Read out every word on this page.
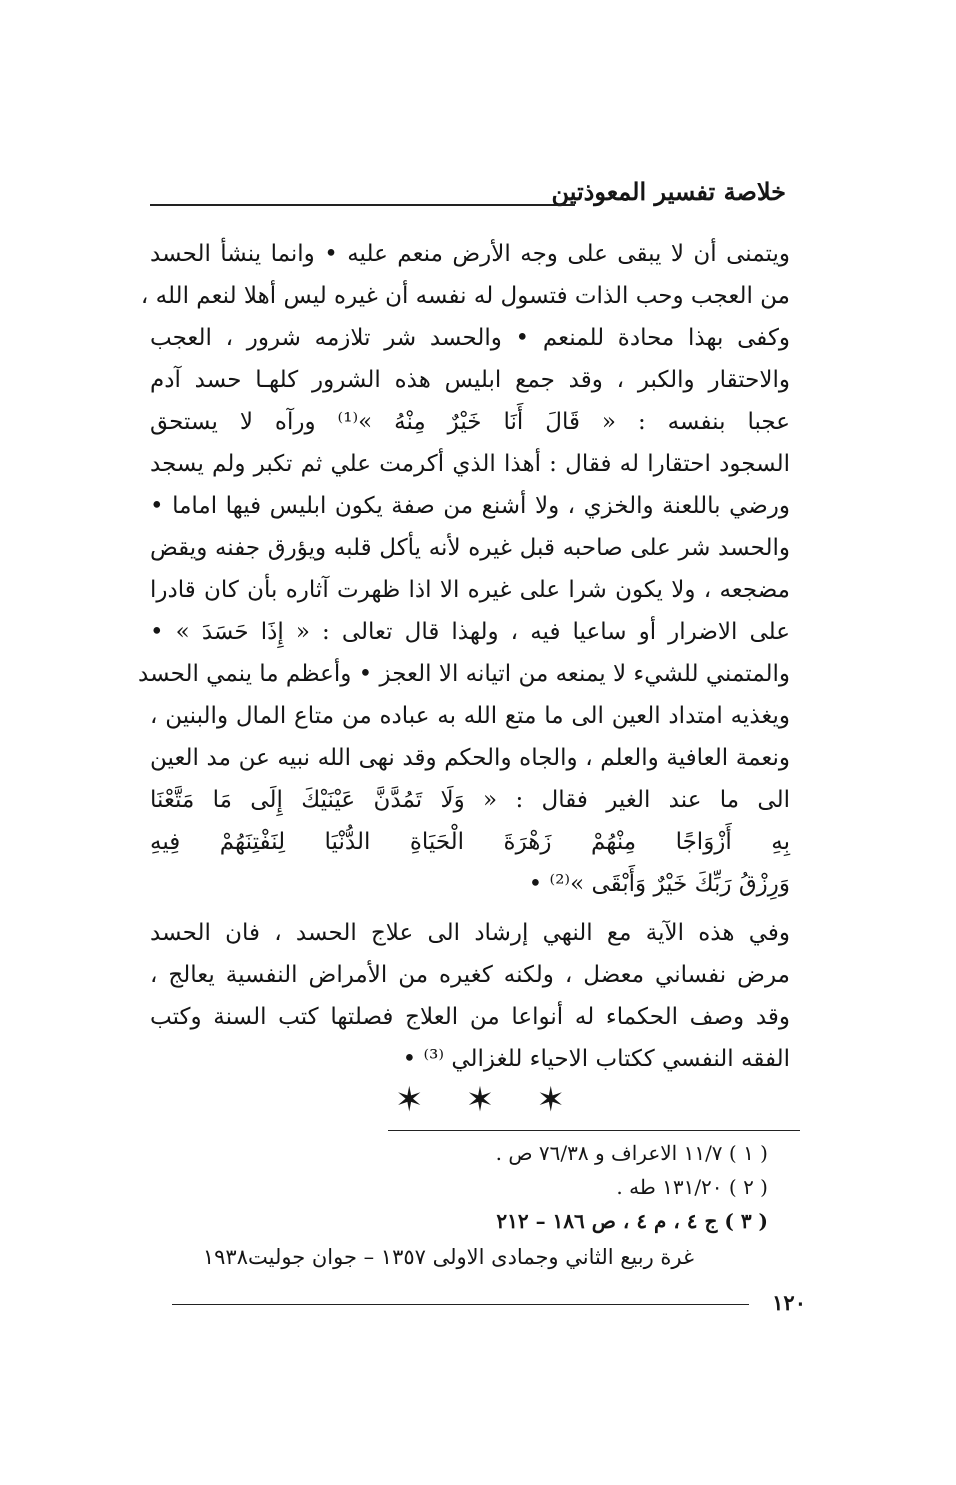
خلاصة تفسير المعوذتين
ويتمنى أن لا يبقى على وجه الأرض منعم عليه • وانما ينشأ الحسد
من العجب وحب الذات فتسول له نفسه أن غيره ليس أهلا لنعم الله ،
وكفى بهذا محادة للمنعم • والحسد شر تلازمه شرور ، العجب
والاحتقار والكبر ، وقد جمع ابليس هذه الشرور كلهـا حسد آدم
عجبا بنفسه : « قَالَ أَنَا خَيْرٌ مِنْهُ »⁽¹⁾ ورآه لا يستحق
السجود احتقارا له فقال : أهذا الذي أكرمت علي ثم تكبر ولم يسجد
ورضي باللعنة والخزي ، ولا أشنع من صفة يكون ابليس فيها اماما •
والحسد شر على صاحبه قبل غيره لأنه يأكل قلبه ويؤرق جفنه ويقض
مضجعه ، ولا يكون شرا على غيره الا اذا ظهرت آثاره بأن كان قادرا
على الاضرار أو ساعيا فيه ، ولهذا قال تعالى : « إِذَا حَسَدَ » •
والمتمني للشيء لا يمنعه من اتيانه الا العجز • وأعظم ما ينمي الحسد
ويغذيه امتداد العين الى ما متع الله به عباده من متاع المال والبنين ،
ونعمة العافية والعلم ، والجاه والحكم وقد نهى الله نبيه عن مد العين
الى ما عند الغير فقال : « وَلَا تَمُدَّنَّ عَيْنَيْكَ إِلَى مَا مَتَّعْنَا
بِهِ أَزْوَاجًا مِنْهُمْ زَهْرَةَ الْحَيَاةِ الدُّنْيَا لِنَفْتِنَهُمْ فِيهِ
وَرِزْقُ رَبِّكَ خَيْرٌ وَأَبْقَى »⁽²⁾ •
وفي هذه الآية مع النهي إرشاد الى علاج الحسد ، فان الحسد
مرض نفساني معضل ، ولكنه كغيره من الأمراض النفسية يعالج ،
وقد وصف الحكماء له أنواعا من العلاج فصلتها كتب السنة وكتب
الفقه النفسي ككتاب الاحياء للغزالي ⁽³⁾ •
✶ ✶ ✶
( ١ ) ١١/٧ الاعراف و ٧٦/٣٨ ص .
( ٢ ) ١٣١/٢٠ طه .
( ٣ ) ج ٤ ، م ٤ ، ص ١٨٦ – ٢١٢
غرة ربيع الثاني وجمادى الاولى ١٣٥٧ – جوان جوليت١٩٣٨
١٢٠
